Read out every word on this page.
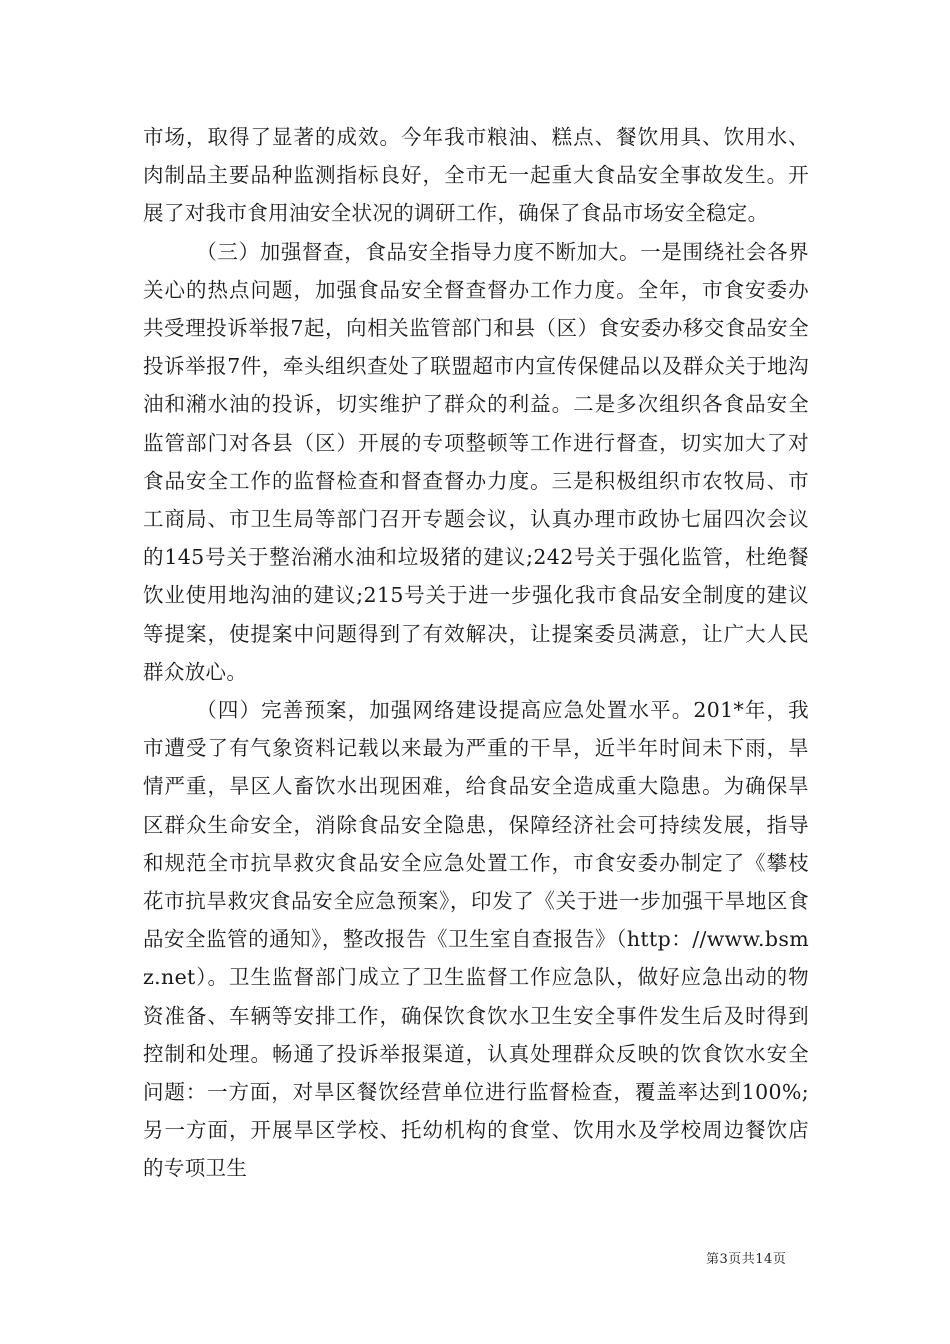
市场，取得了显著的成效。今年我市粮油、糕点、餐饮用具、饮用水、肉制品主要品种监测指标良好，全市无一起重大食品安全事故发生。开展了对我市食用油安全状况的调研工作，确保了食品市场安全稳定。

（三）加强督查，食品安全指导力度不断加大。一是围绕社会各界关心的热点问题，加强食品安全督查督办工作力度。全年，市食安委办共受理投诉举报7起，向相关监管部门和县（区）食安委办移交食品安全投诉举报7件，牵头组织查处了联盟超市内宣传保健品以及群众关于地沟油和潲水油的投诉，切实维护了群众的利益。二是多次组织各食品安全监管部门对各县（区）开展的专项整顿等工作进行督查，切实加大了对食品安全工作的监督检查和督查督办力度。三是积极组织市农牧局、市工商局、市卫生局等部门召开专题会议，认真办理市政协七届四次会议的145号关于整治潲水油和垃圾猪的建议;242号关于强化监管，杜绝餐饮业使用地沟油的建议;215号关于进一步强化我市食品安全制度的建议等提案，使提案中问题得到了有效解决，让提案委员满意，让广大人民群众放心。

（四）完善预案，加强网络建设提高应急处置水平。201*年，我市遭受了有气象资料记载以来最为严重的干旱，近半年时间未下雨，旱情严重，旱区人畜饮水出现困难，给食品安全造成重大隐患。为确保旱区群众生命安全，消除食品安全隐患，保障经济社会可持续发展，指导和规范全市抗旱救灾食品安全应急处置工作，市食安委办制定了《攀枝花市抗旱救灾食品安全应急预案》，印发了《关于进一步加强干旱地区食品安全监管的通知》，整改报告《卫生室自查报告》（http：//www.bsmz.net）。卫生监督部门成立了卫生监督工作应急队，做好应急出动的物资准备、车辆等安排工作，确保饮食饮水卫生安全事件发生后及时得到控制和处理。畅通了投诉举报渠道，认真处理群众反映的饮食饮水安全问题：一方面，对旱区餐饮经营单位进行监督检查，覆盖率达到100%;另一方面，开展旱区学校、托幼机构的食堂、饮用水及学校周边餐饮店的专项卫生

第3页共14页
